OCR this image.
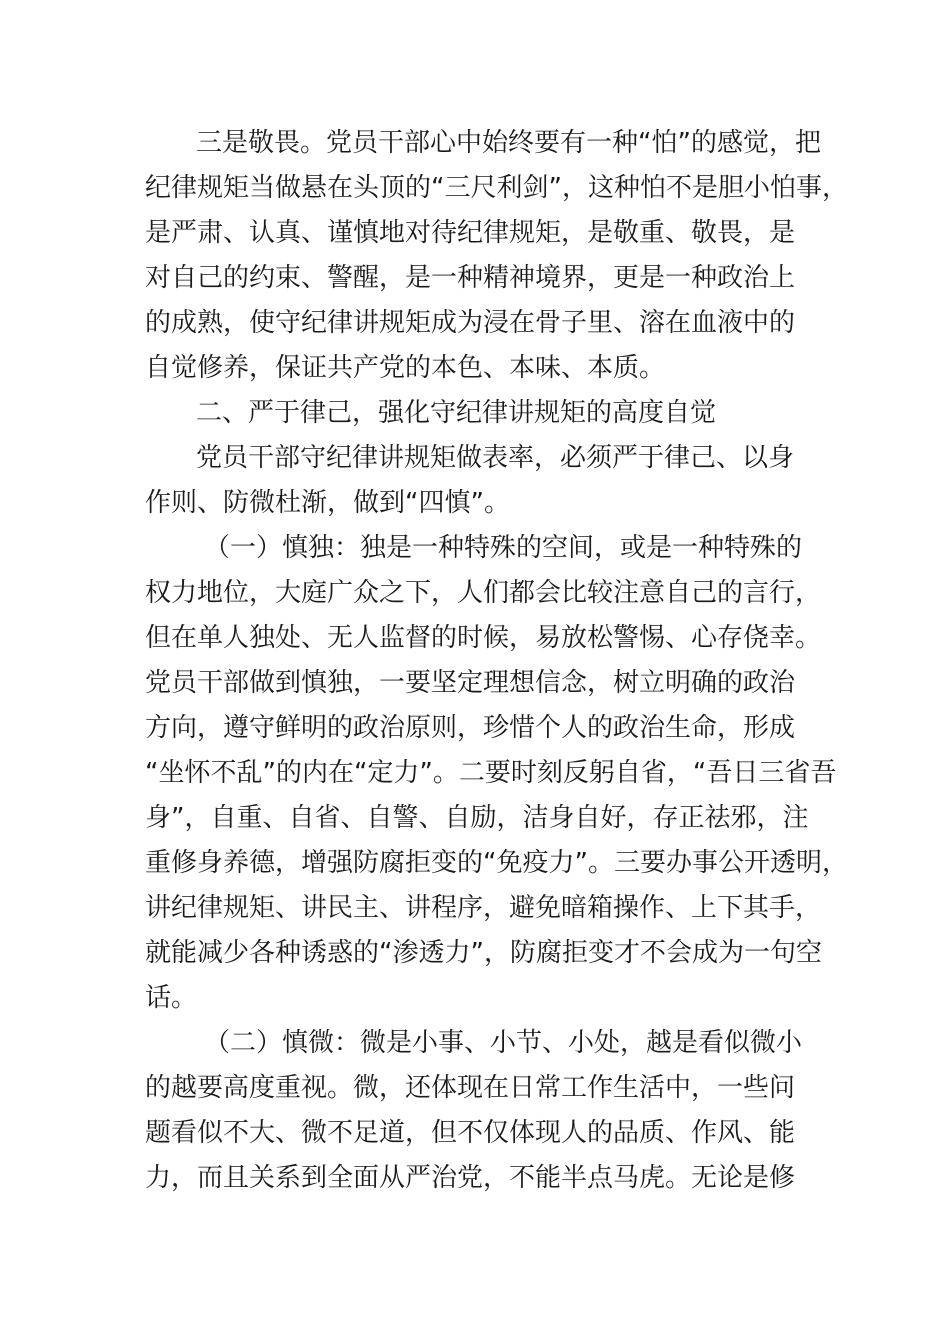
三是敬畏。党员干部心中始终要有一种“怕”的感觉，把
纪律规矩当做悬在头顶的“三尺利剑”，这种怕不是胆小怕事，
是严肃、认真、谨慎地对待纪律规矩，是敬重、敬畏，是
对自己的约束、警醒，是一种精神境界，更是一种政治上
的成熟，使守纪律讲规矩成为浸在骨子里、溶在血液中的
自觉修养，保证共产党的本色、本味、本质。
二、严于律己，强化守纪律讲规矩的高度自觉
党员干部守纪律讲规矩做表率，必须严于律己、以身
作则、防微杜渐，做到“四慎”。
（一）慎独：独是一种特殊的空间，或是一种特殊的
权力地位，大庭广众之下，人们都会比较注意自己的言行，
但在单人独处、无人监督的时候，易放松警惕、心存侥幸。
党员干部做到慎独，一要坚定理想信念，树立明确的政治
方向，遵守鲜明的政治原则，珍惜个人的政治生命，形成
“坐怀不乱”的内在“定力”。二要时刻反躬自省，“吾日三省吾
身”，自重、自省、自警、自励，洁身自好，存正祛邪，注
重修身养德，增强防腐拒变的“免疫力”。三要办事公开透明，
讲纪律规矩、讲民主、讲程序，避免暗箱操作、上下其手，
就能减少各种诱惑的“渗透力”，防腐拒变才不会成为一句空
话。
（二）慎微：微是小事、小节、小处，越是看似微小
的越要高度重视。微，还体现在日常工作生活中，一些问
题看似不大、微不足道，但不仅体现人的品质、作风、能
力，而且关系到全面从严治党，不能半点马虎。无论是修
